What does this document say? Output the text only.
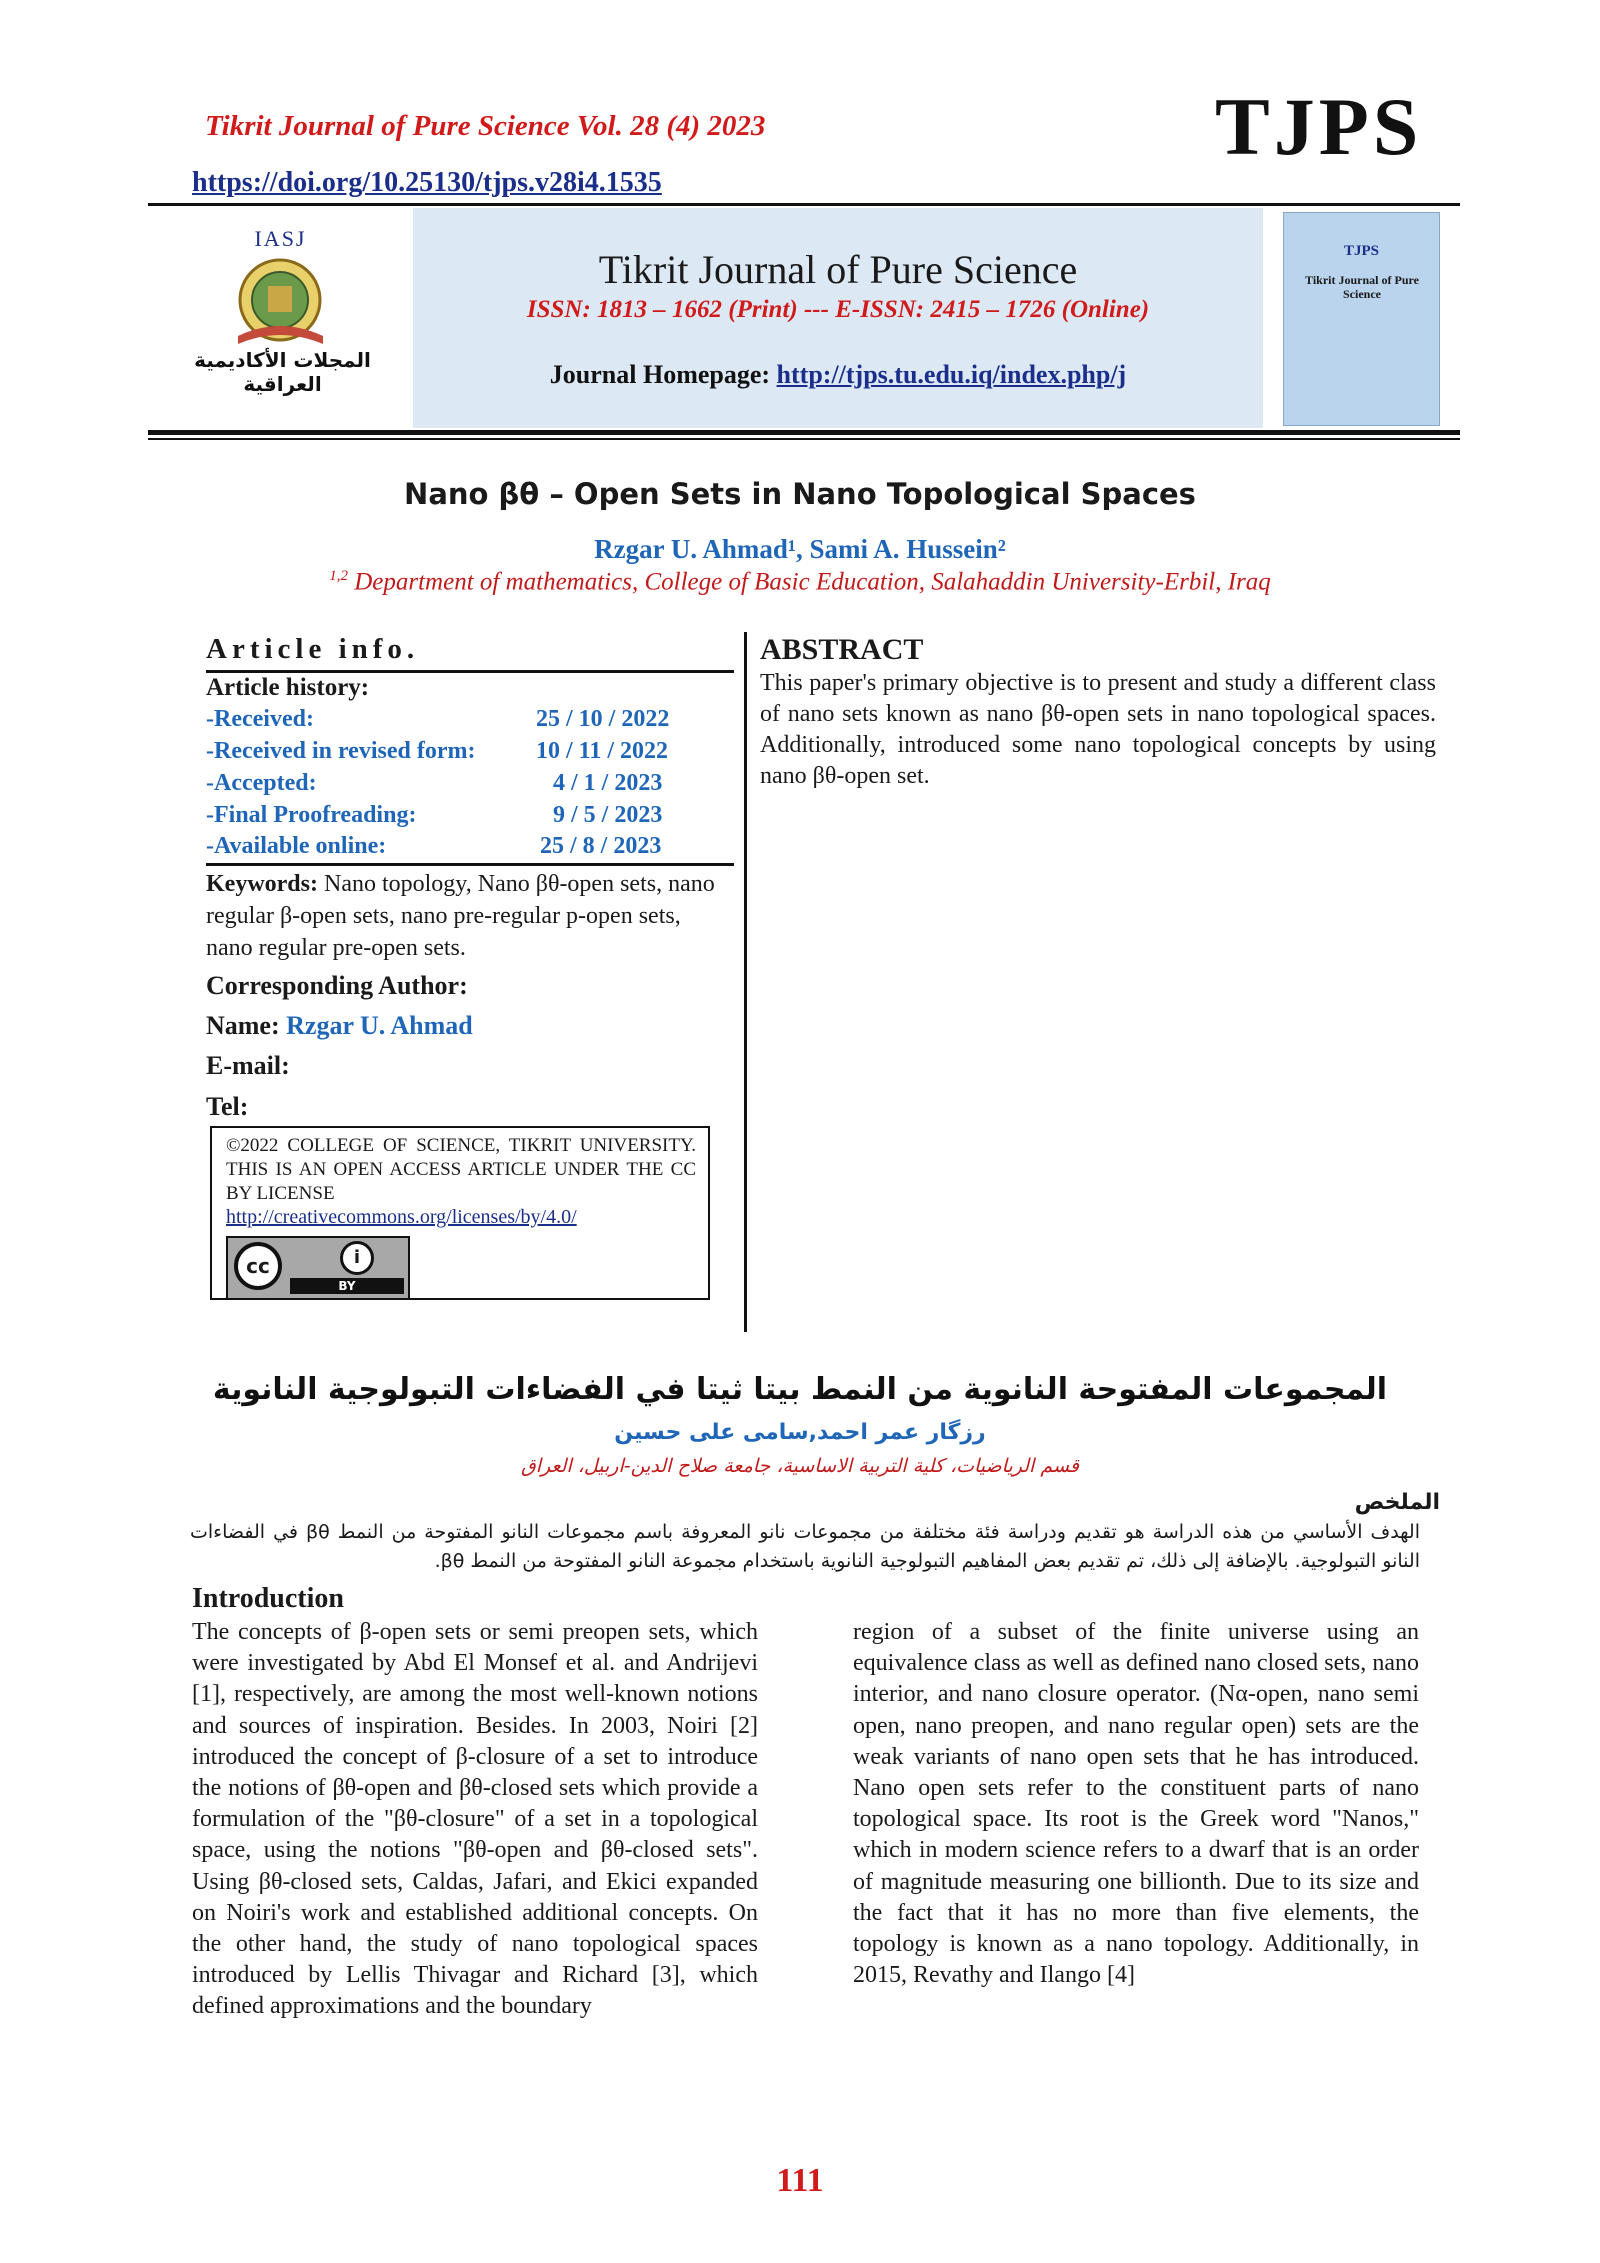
Tikrit Journal of Pure Science Vol. 28 (4) 2023
https://doi.org/10.25130/tjps.v28i4.1535
TJPS
IASJ
المجلات الأكاديمية العراقية
Tikrit Journal of Pure Science
ISSN: 1813 – 1662 (Print) --- E-ISSN: 2415 – 1726 (Online)
Journal Homepage: http://tjps.tu.edu.iq/index.php/j
TJPS
Tikrit Journal of Pure Science
Nano βθ – Open Sets in Nano Topological Spaces
Rzgar U. Ahmad¹, Sami A. Hussein²
$^{1,2}$ Department of mathematics, College of Basic Education, Salahaddin University-Erbil, Iraq
Article info.
Article history:
-Received:	25 / 10 / 2022
-Received in revised form:	10 / 11 / 2022
-Accepted:	4 / 1 / 2023
-Final Proofreading:	9 / 5 / 2023
-Available online:	25 / 8 / 2023
Keywords: Nano topology, Nano βθ-open sets, nano regular β-open sets, nano pre-regular p-open sets, nano regular pre-open sets.
Corresponding Author:
Name: Rzgar U. Ahmad
E-mail:
Tel:
©2022 COLLEGE OF SCIENCE, TIKRIT UNIVERSITY. THIS IS AN OPEN ACCESS ARTICLE UNDER THE CC BY LICENSE
http://creativecommons.org/licenses/by/4.0/
cc	i
BY
ABSTRACT
This paper's primary objective is to present and study a different class of nano sets known as nano βθ-open sets in nano topological spaces. Additionally, introduced some nano topological concepts by using nano βθ-open set.
المجموعات المفتوحة النانوية من النمط بيتا ثيتا في الفضاءات التبولوجية النانوية
رزگار عمر احمد,سامی علی حسین
قسم الرياضيات، كلية التربية الاساسية، جامعة صلاح الدين-اربيل، العراق
الملخص
الهدف الأساسي من هذه الدراسة هو تقديم ودراسة فئة مختلفة من مجموعات نانو المعروفة باسم مجموعات النانو المفتوحة من النمط βθ في الفضاءات النانو التبولوجية. بالإضافة إلى ذلك، تم تقديم بعض المفاهيم التبولوجية النانوية باستخدام مجموعة النانو المفتوحة من النمط βθ.
Introduction
The concepts of β-open sets or semi preopen sets, which were investigated by Abd El Monsef et al. and Andrijevi [1], respectively, are among the most well-known notions and sources of inspiration. Besides. In 2003, Noiri [2] introduced the concept of β-closure of a set to introduce the notions of βθ-open and βθ-closed sets which provide a formulation of the "βθ-closure" of a set in a topological space, using the notions "βθ-open and βθ-closed sets". Using βθ-closed sets, Caldas, Jafari, and Ekici expanded on Noiri's work and established additional concepts. On the other hand, the study of nano topological spaces introduced by Lellis Thivagar and Richard [3], which defined approximations and the boundary
region of a subset of the finite universe using an equivalence class as well as defined nano closed sets, nano interior, and nano closure operator. (Nα-open, nano semi open, nano preopen, and nano regular open) sets are the weak variants of nano open sets that he has introduced. Nano open sets refer to the constituent parts of nano topological space. Its root is the Greek word "Nanos," which in modern science refers to a dwarf that is an order of magnitude measuring one billionth. Due to its size and the fact that it has no more than five elements, the topology is known as a nano topology. Additionally, in 2015, Revathy and Ilango [4]
111
